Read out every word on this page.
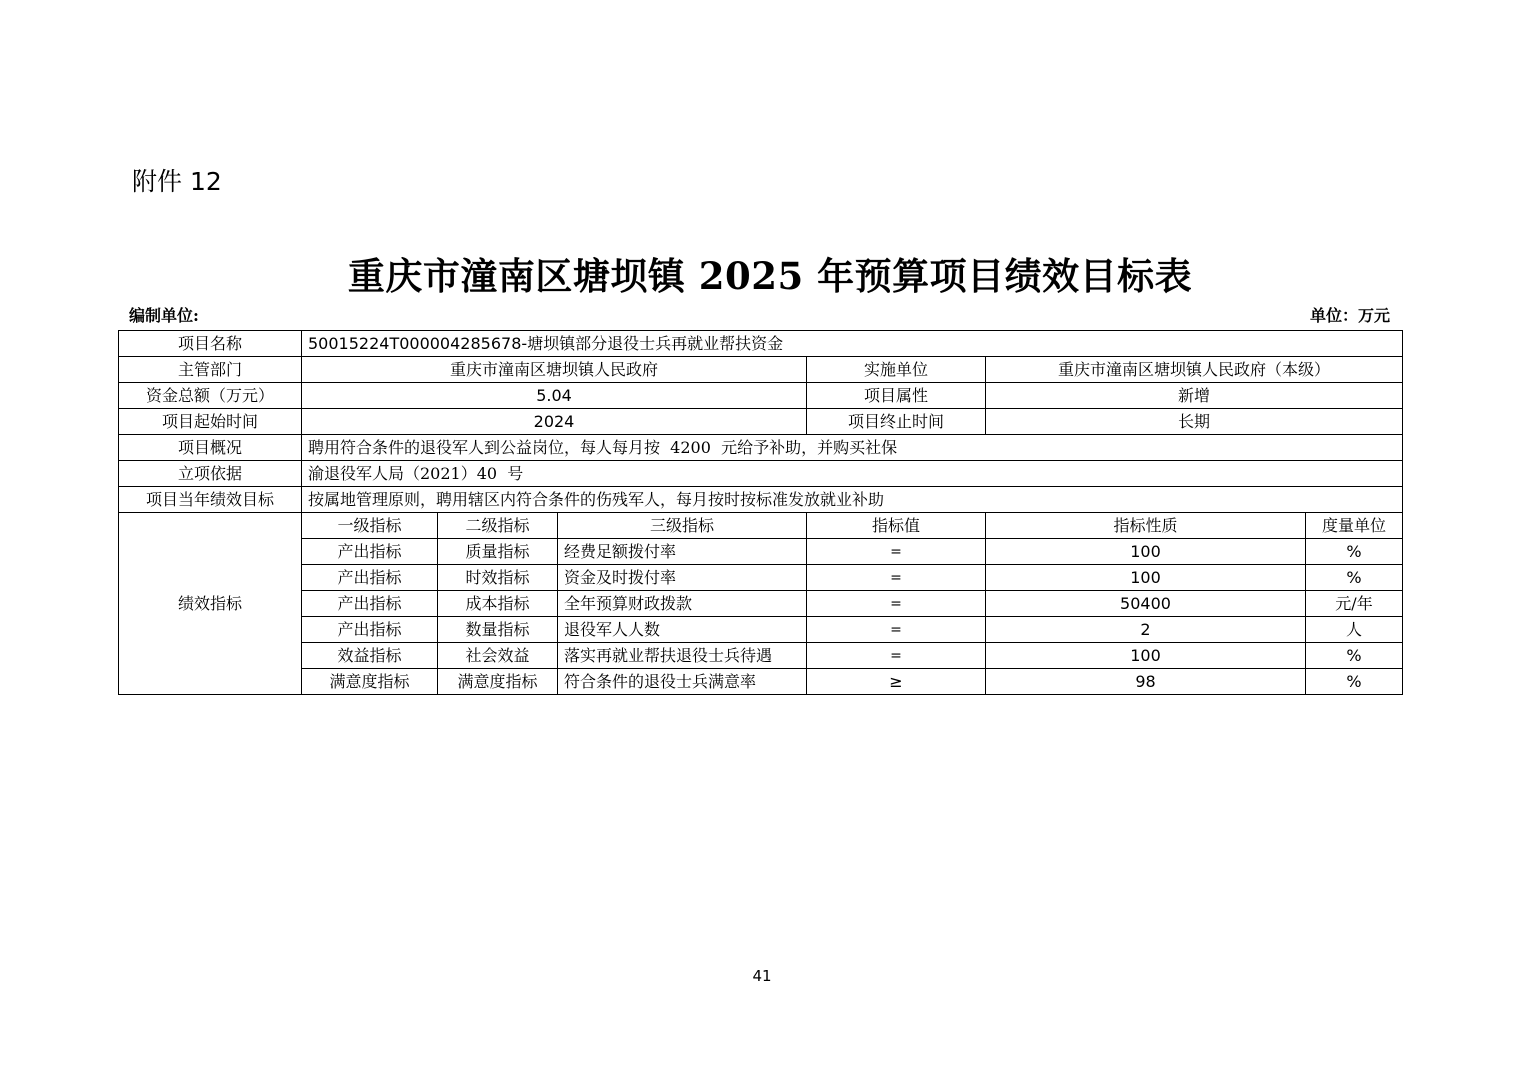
附件 12
重庆市潼南区塘坝镇 2025 年预算项目绩效目标表
编制单位:	单位：万元
项目名称	50015224T000004285678-塘坝镇部分退役士兵再就业帮扶资金					
主管部门	重庆市潼南区塘坝镇人民政府			实施单位	重庆市潼南区塘坝镇人民政府（本级）	
资金总额（万元）	5.04			项目属性	新增	
项目起始时间	2024			项目终止时间	长期	
项目概况	聘用符合条件的退役军人到公益岗位，每人每月按  4200  元给予补助，并购买社保					
立项依据	渝退役军人局（2021）40  号					
项目当年绩效目标	按属地管理原则，聘用辖区内符合条件的伤残军人，每月按时按标准发放就业补助					
绩效指标	一级指标	二级指标	三级指标	指标值	指标性质	度量单位
	产出指标	质量指标	经费足额拨付率	=	100	%
	产出指标	时效指标	资金及时拨付率	=	100	%
	产出指标	成本指标	全年预算财政拨款	=	50400	元/年
	产出指标	数量指标	退役军人人数	=	2	人
	效益指标	社会效益	落实再就业帮扶退役士兵待遇	=	100	%
	满意度指标	满意度指标	符合条件的退役士兵满意率	≥	98	%
41
